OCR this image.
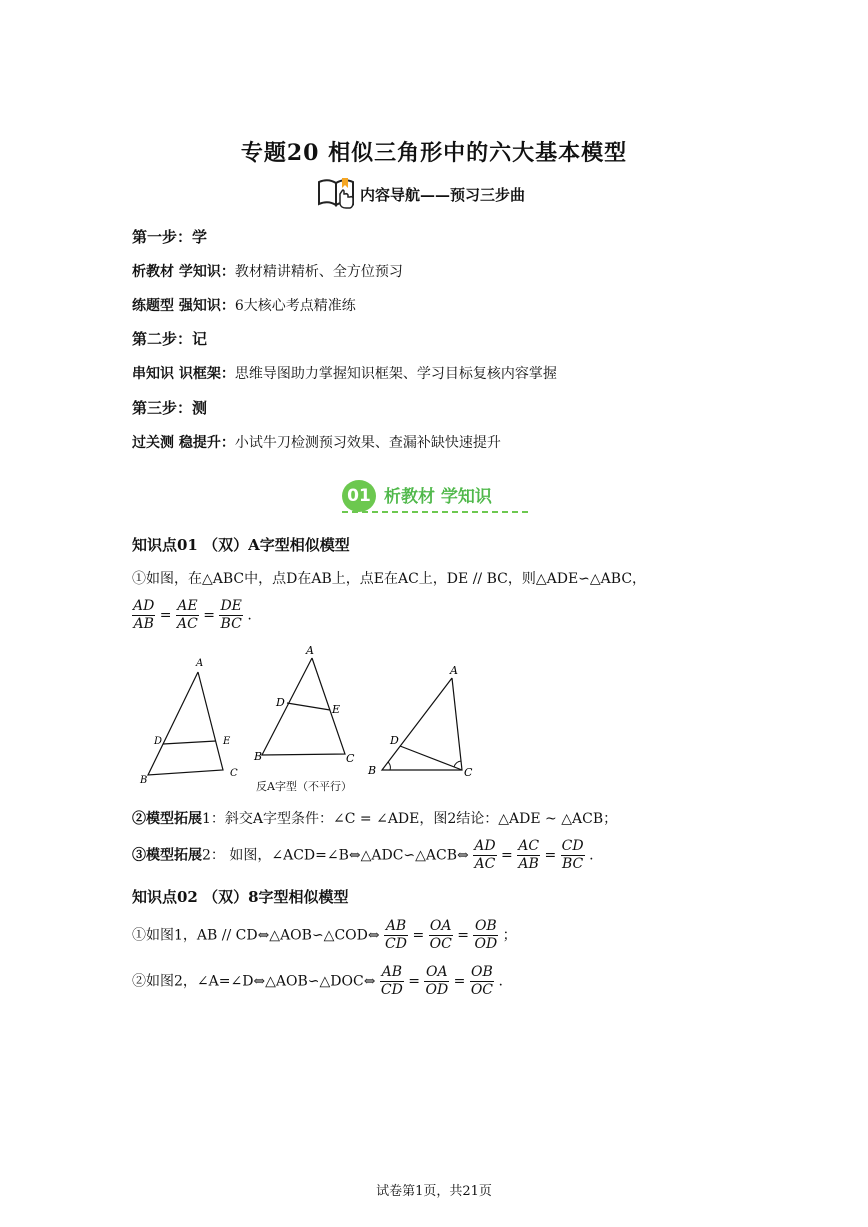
专题20 相似三角形中的六大基本模型
内容导航——预习三步曲
第一步：学
析教材 学知识：教材精讲精析、全方位预习
练题型 强知识：6大核心考点精准练
第二步：记
串知识 识框架：思维导图助力掌握知识框架、学习目标复核内容掌握
第三步：测
过关测 稳提升：小试牛刀检测预习效果、查漏补缺快速提升
01 析教材 学知识
知识点01 （双）A字型相似模型
①如图，在△ABC中，点D在AB上，点E在AC上，DE // BC，则△ADE∽△ABC，
$\frac{AD}{AB} = \frac{AE}{AC} = \frac{DE}{BC}$ .
A
B
C
D	E
A
B	C
D
E
反A字型（不平行）
A
B	C
D
②模型拓展1：斜交A字型条件：∠C = ∠ADE，图2结论：△ADE ~ △ACB；
③模型拓展2： 如图，∠ACD=∠B⇔△ADC∽△ACB⇔ $\frac{AD}{AC} = \frac{AC}{AB} = \frac{CD}{BC}$ .
知识点02 （双）8字型相似模型
①如图1，AB // CD⇔△AOB∽△COD⇔ $\frac{AB}{CD} = \frac{OA}{OC} = \frac{OB}{OD}$ ；
②如图2，∠A=∠D⇔△AOB∽△DOC⇔ $\frac{AB}{CD} = \frac{OA}{OD} = \frac{OB}{OC}$ .
试卷第1页，共21页
